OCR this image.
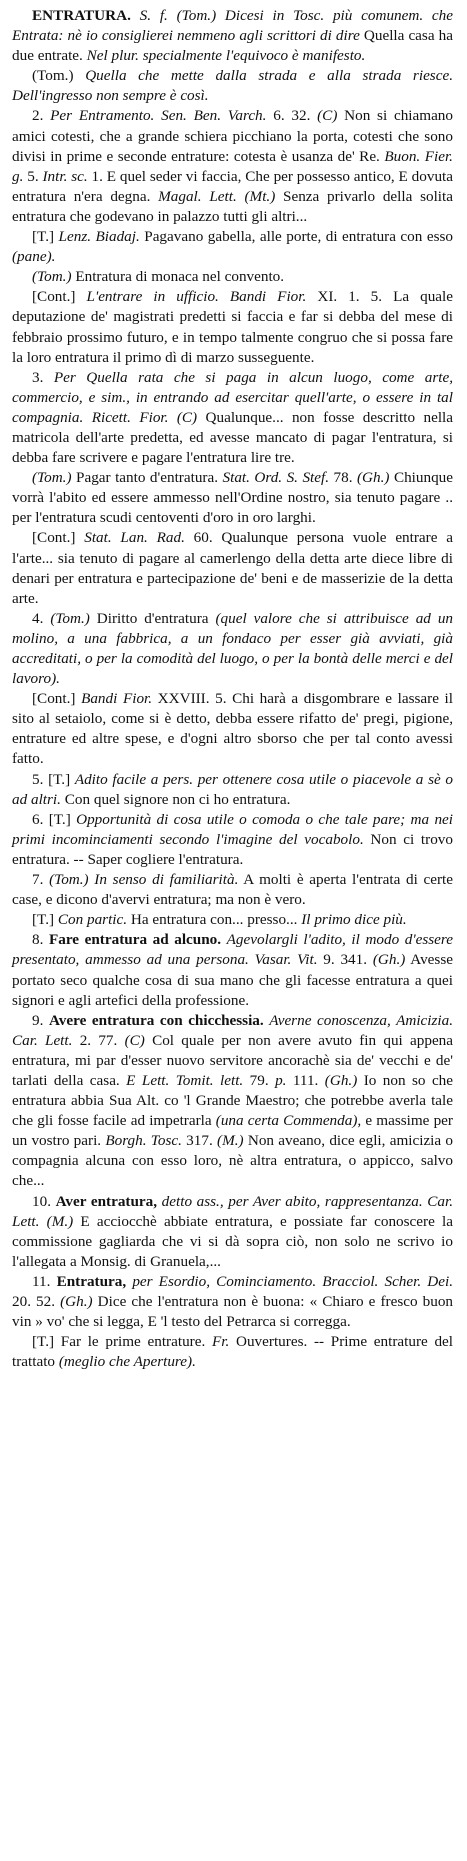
ENTRATURA. S. f. (Tom.) Dicesi in Tosc. più comunem. che Entrata: nè io consiglierei nemmeno agli scrittori di dire Quella casa ha due entrate. Nel plur. specialmente l'equivoco è manifesto.

(Tom.) Quella che mette dalla strada e alla strada riesce. Dell'ingresso non sempre è così.

2. Per Entramento. Sen. Ben. Varch. 6. 32. (C) Non si chiamano amici cotesti, che a grande schiera picchiano la porta, cotesti che sono divisi in prime e seconde entrature: cotesta è usanza de' Re. Buon. Fier. g. 5. Intr. sc. 1. E quel seder vi faccia, Che per possesso antico, E dovuta entratura n'era degna. Magal. Lett. (Mt.) Senza privarlo della solita entratura che godevano in palazzo tutti gli altri...

[T.] Lenz. Biadaj. Pagavano gabella, alle porte, di entratura con esso (pane).

(Tom.) Entratura di monaca nel convento.

[Cont.] L'entrare in ufficio. Bandi Fior. XI. 1. 5. La quale deputazione de' magistrati predetti si faccia e far si debba del mese di febbraio prossimo futuro, e in tempo talmente congruo che si possa fare la loro entratura il primo dì di marzo susseguente.

3. Per Quella rata che si paga in alcun luogo, come arte, commercio, e sim., in entrando ad esercitar quell'arte, o essere in tal compagnia. Ricett. Fior. (C) Qualunque... non fosse descritto nella matricola dell'arte predetta, ed avesse mancato di pagar l'entratura, si debba fare scrivere e pagare l'entratura lire tre.

(Tom.) Pagar tanto d'entratura. Stat. Ord. S. Stef. 78. (Gh.) Chiunque vorrà l'abito ed essere ammesso nell'Ordine nostro, sia tenuto pagare .. per l'entratura scudi centoventi d'oro in oro larghi.

[Cont.] Stat. Lan. Rad. 60. Qualunque persona vuole entrare a l'arte... sia tenuto di pagare al camerlengo della detta arte diece libre di denari per entratura e partecipazione de' beni e de masserizie de la detta arte.

4. (Tom.) Diritto d'entratura (quel valore che si attribuisce ad un molino, a una fabbrica, a un fondaco per esser già avviati, già accreditati, o per la comodità del luogo, o per la bontà delle merci e del lavoro).

[Cont.] Bandi Fior. XXVIII. 5. Chi harà a disgombrare e lassare il sito al setaiolo, come si è detto, debba essere rifatto de' pregi, pigione, entrature ed altre spese, e d'ogni altro sborso che per tal conto avessi fatto.

5. [T.] Adito facile a pers. per ottenere cosa utile o piacevole a sè o ad altri. Con quel signore non ci ho entratura.

6. [T.] Opportunità di cosa utile o comoda o che tale pare; ma nei primi incominciamenti secondo l'imagine del vocabolo. Non ci trovo entratura. -- Saper cogliere l'entratura.

7. (Tom.) In senso di familiarità. A molti è aperta l'entrata di certe case, e dicono d'avervi entratura; ma non è vero.

[T.] Con partic. Ha entratura con... presso... Il primo dice più.

8. Fare entratura ad alcuno. Agevolargli l'adito, il modo d'essere presentato, ammesso ad una persona. Vasar. Vit. 9. 341. (Gh.) Avesse portato seco qualche cosa di sua mano che gli facesse entratura a quei signori e agli artefici della professione.

9. Avere entratura con chicchessia. Averne conoscenza, Amicizia. Car. Lett. 2. 77. (C) Col quale per non avere avuto fin qui appena entratura, mi par d'esser nuovo servitore ancorachè sia de' vecchi e de' tarlati della casa. E Lett. Tomit. lett. 79. p. 111. (Gh.) Io non so che entratura abbia Sua Alt. co 'l Grande Maestro; che potrebbe averla tale che gli fosse facile ad impetrarla (una certa Commenda), e massime per un vostro pari. Borgh. Tosc. 317. (M.) Non aveano, dice egli, amicizia o compagnia alcuna con esso loro, nè altra entratura, o appicco, salvo che...

10. Aver entratura, detto ass., per Aver abito, rappresentanza. Car. Lett. (M.) E acciocchè abbiate entratura, e possiate far conoscere la commissione gagliarda che vi si dà sopra ciò, non solo ne scrivo io l'allegata a Monsig. di Granuela,...

11. Entratura, per Esordio, Cominciamento. Bracciol. Scher. Dei. 20. 52. (Gh.) Dice che l'entratura non è buona: « Chiaro e fresco buon vin » vo' che si legga, E 'l testo del Petrarca si corregga.

[T.] Far le prime entrature. Fr. Ouvertures. -- Prime entrature del trattato (meglio che Aperture).
